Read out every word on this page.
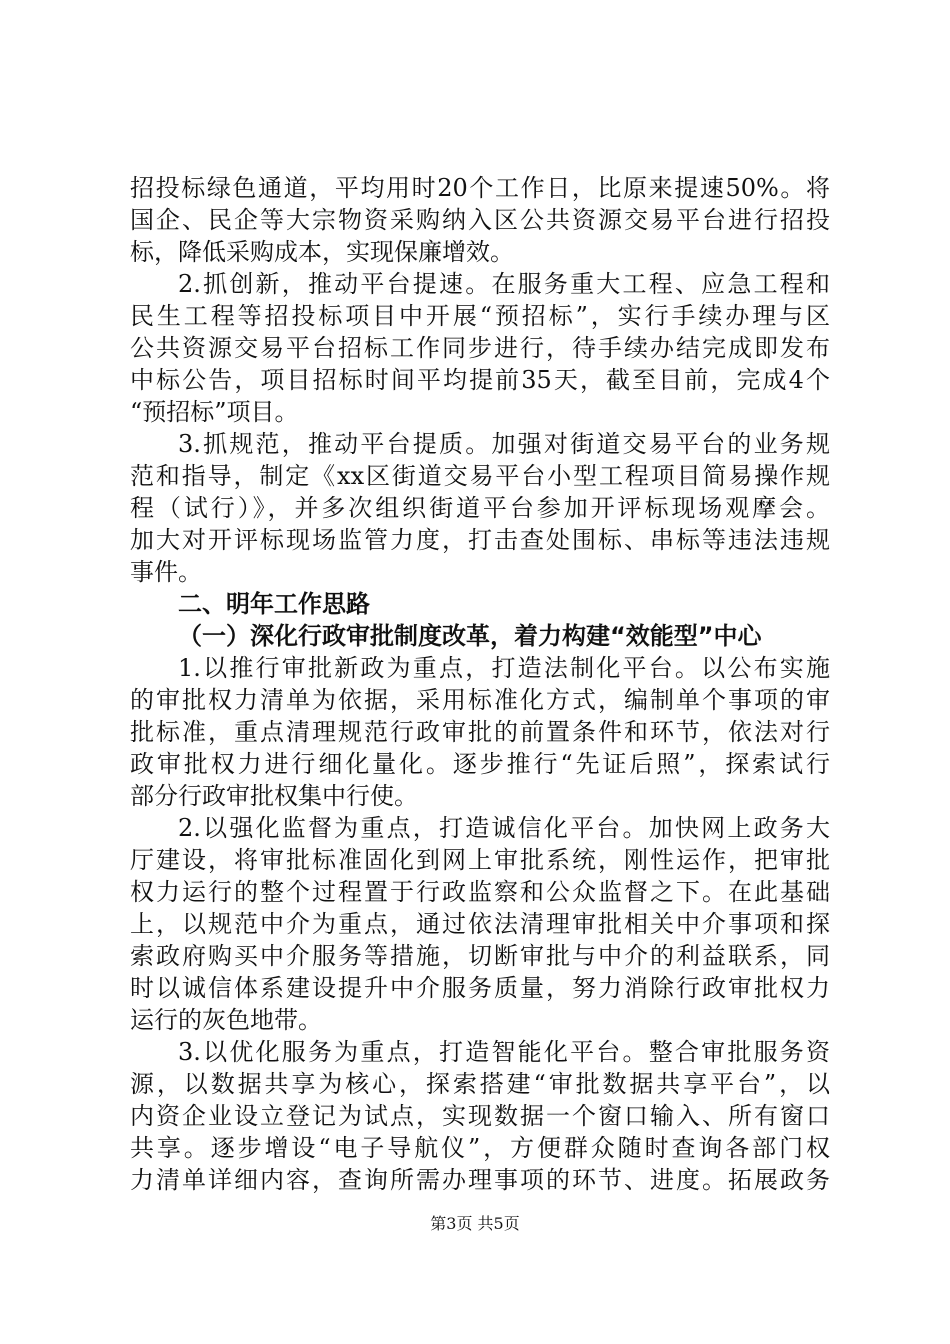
招投标绿色通道，平均用时20个工作日，比原来提速50%。将
国企、民企等大宗物资采购纳入区公共资源交易平台进行招投
标，降低采购成本，实现保廉增效。
2.抓创新，推动平台提速。在服务重大工程、应急工程和
民生工程等招投标项目中开展“预招标”，实行手续办理与区
公共资源交易平台招标工作同步进行，待手续办结完成即发布
中标公告，项目招标时间平均提前35天，截至目前，完成4个
“预招标”项目。
3.抓规范，推动平台提质。加强对街道交易平台的业务规
范和指导，制定《xx区街道交易平台小型工程项目简易操作规
程（试行）》，并多次组织街道平台参加开评标现场观摩会。
加大对开评标现场监管力度，打击查处围标、串标等违法违规
事件。
二、明年工作思路
（一）深化行政审批制度改革，着力构建“效能型”中心
1.以推行审批新政为重点，打造法制化平台。以公布实施
的审批权力清单为依据，采用标准化方式，编制单个事项的审
批标准，重点清理规范行政审批的前置条件和环节，依法对行
政审批权力进行细化量化。逐步推行“先证后照”，探索试行
部分行政审批权集中行使。
2.以强化监督为重点，打造诚信化平台。加快网上政务大
厅建设，将审批标准固化到网上审批系统，刚性运作，把审批
权力运行的整个过程置于行政监察和公众监督之下。在此基础
上，以规范中介为重点，通过依法清理审批相关中介事项和探
索政府购买中介服务等措施，切断审批与中介的利益联系，同
时以诚信体系建设提升中介服务质量，努力消除行政审批权力
运行的灰色地带。
3.以优化服务为重点，打造智能化平台。整合审批服务资
源，以数据共享为核心，探索搭建“审批数据共享平台”，以
内资企业设立登记为试点，实现数据一个窗口输入、所有窗口
共享。逐步增设“电子导航仪”，方便群众随时查询各部门权
力清单详细内容，查询所需办理事项的环节、进度。拓展政务
第3页 共5页
